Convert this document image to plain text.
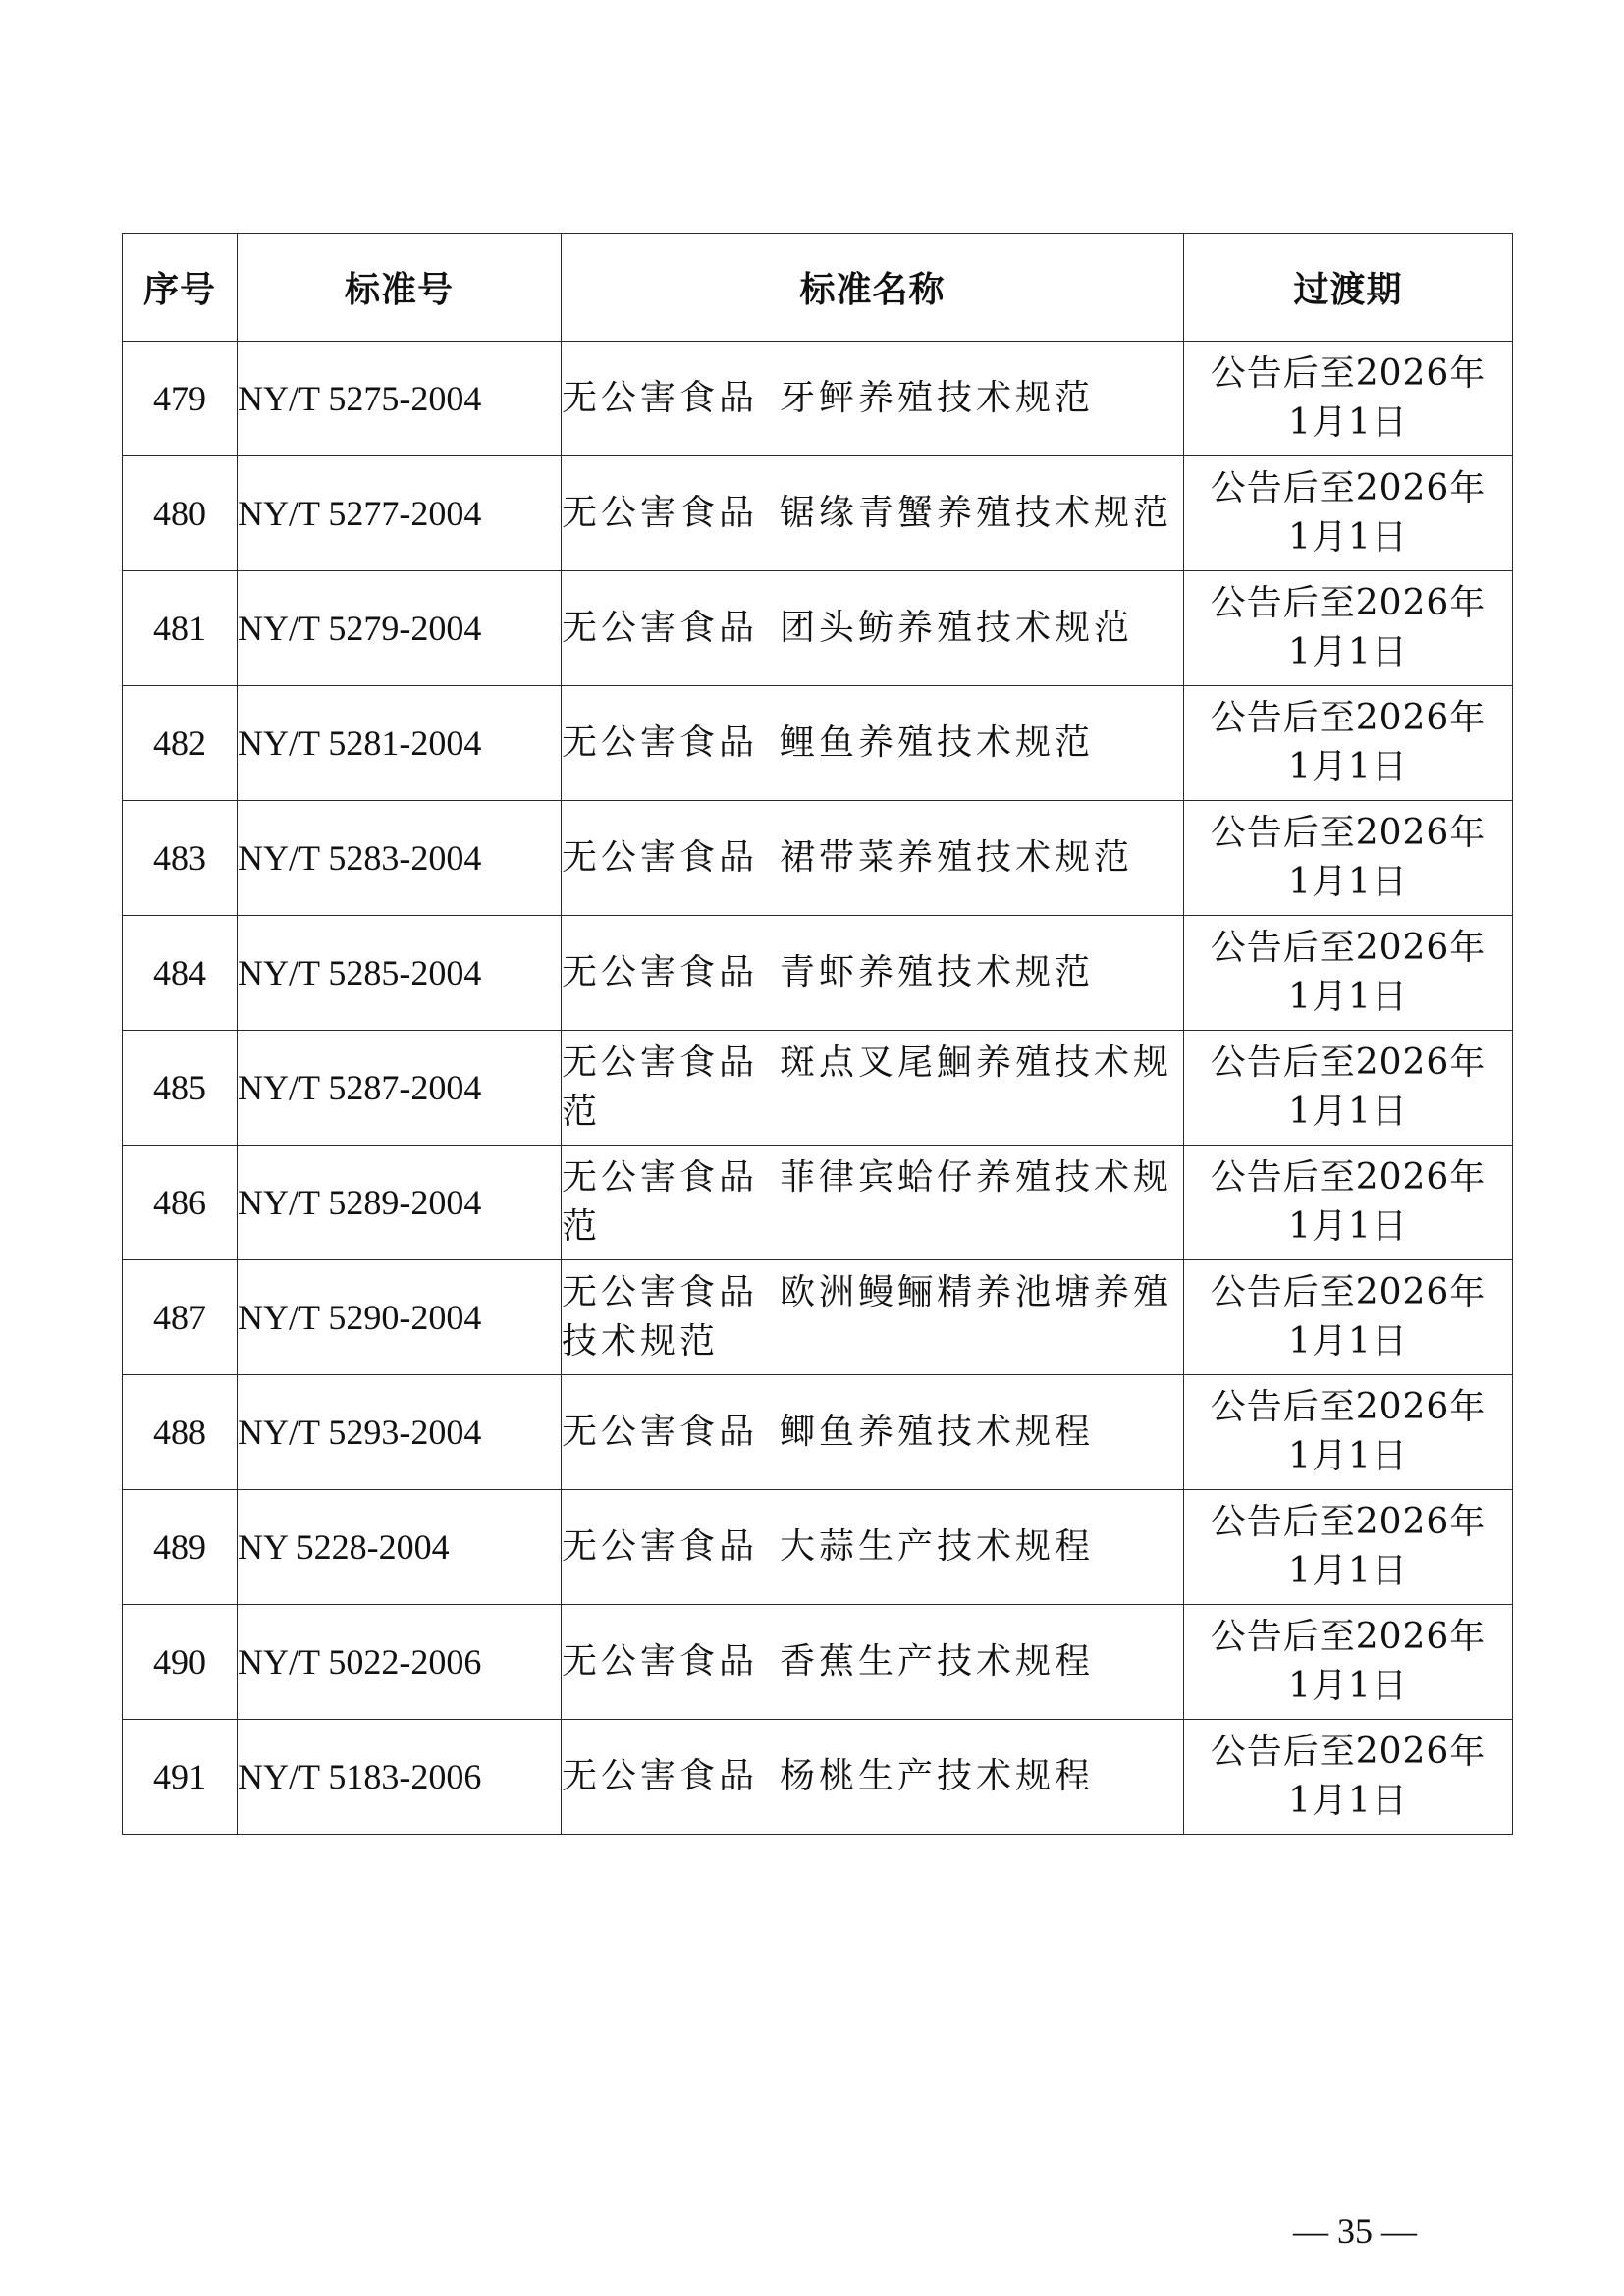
序号	标准号	标准名称	过渡期
479	NY/T 5275-2004	无公害食品 牙鲆养殖技术规范	公告后至2026年
1月1日

480	NY/T 5277-2004	无公害食品 锯缘青蟹养殖技术规范	公告后至2026年
1月1日

481	NY/T 5279-2004	无公害食品 团头鲂养殖技术规范	公告后至2026年
1月1日

482	NY/T 5281-2004	无公害食品 鲤鱼养殖技术规范	公告后至2026年
1月1日

483	NY/T 5283-2004	无公害食品 裙带菜养殖技术规范	公告后至2026年
1月1日

484	NY/T 5285-2004	无公害食品 青虾养殖技术规范	公告后至2026年
1月1日

485	NY/T 5287-2004	无公害食品 斑点叉尾鮰养殖技术规范	公告后至2026年
1月1日

486	NY/T 5289-2004	无公害食品 菲律宾蛤仔养殖技术规范	公告后至2026年
1月1日

487	NY/T 5290-2004	无公害食品 欧洲鳗鲡精养池塘养殖技术规范	公告后至2026年
1月1日

488	NY/T 5293-2004	无公害食品 鲫鱼养殖技术规程	公告后至2026年
1月1日

489	NY 5228-2004	无公害食品 大蒜生产技术规程	公告后至2026年
1月1日

490	NY/T 5022-2006	无公害食品 香蕉生产技术规程	公告后至2026年
1月1日

491	NY/T 5183-2006	无公害食品 杨桃生产技术规程	公告后至2026年
1月1日
— 35 —
